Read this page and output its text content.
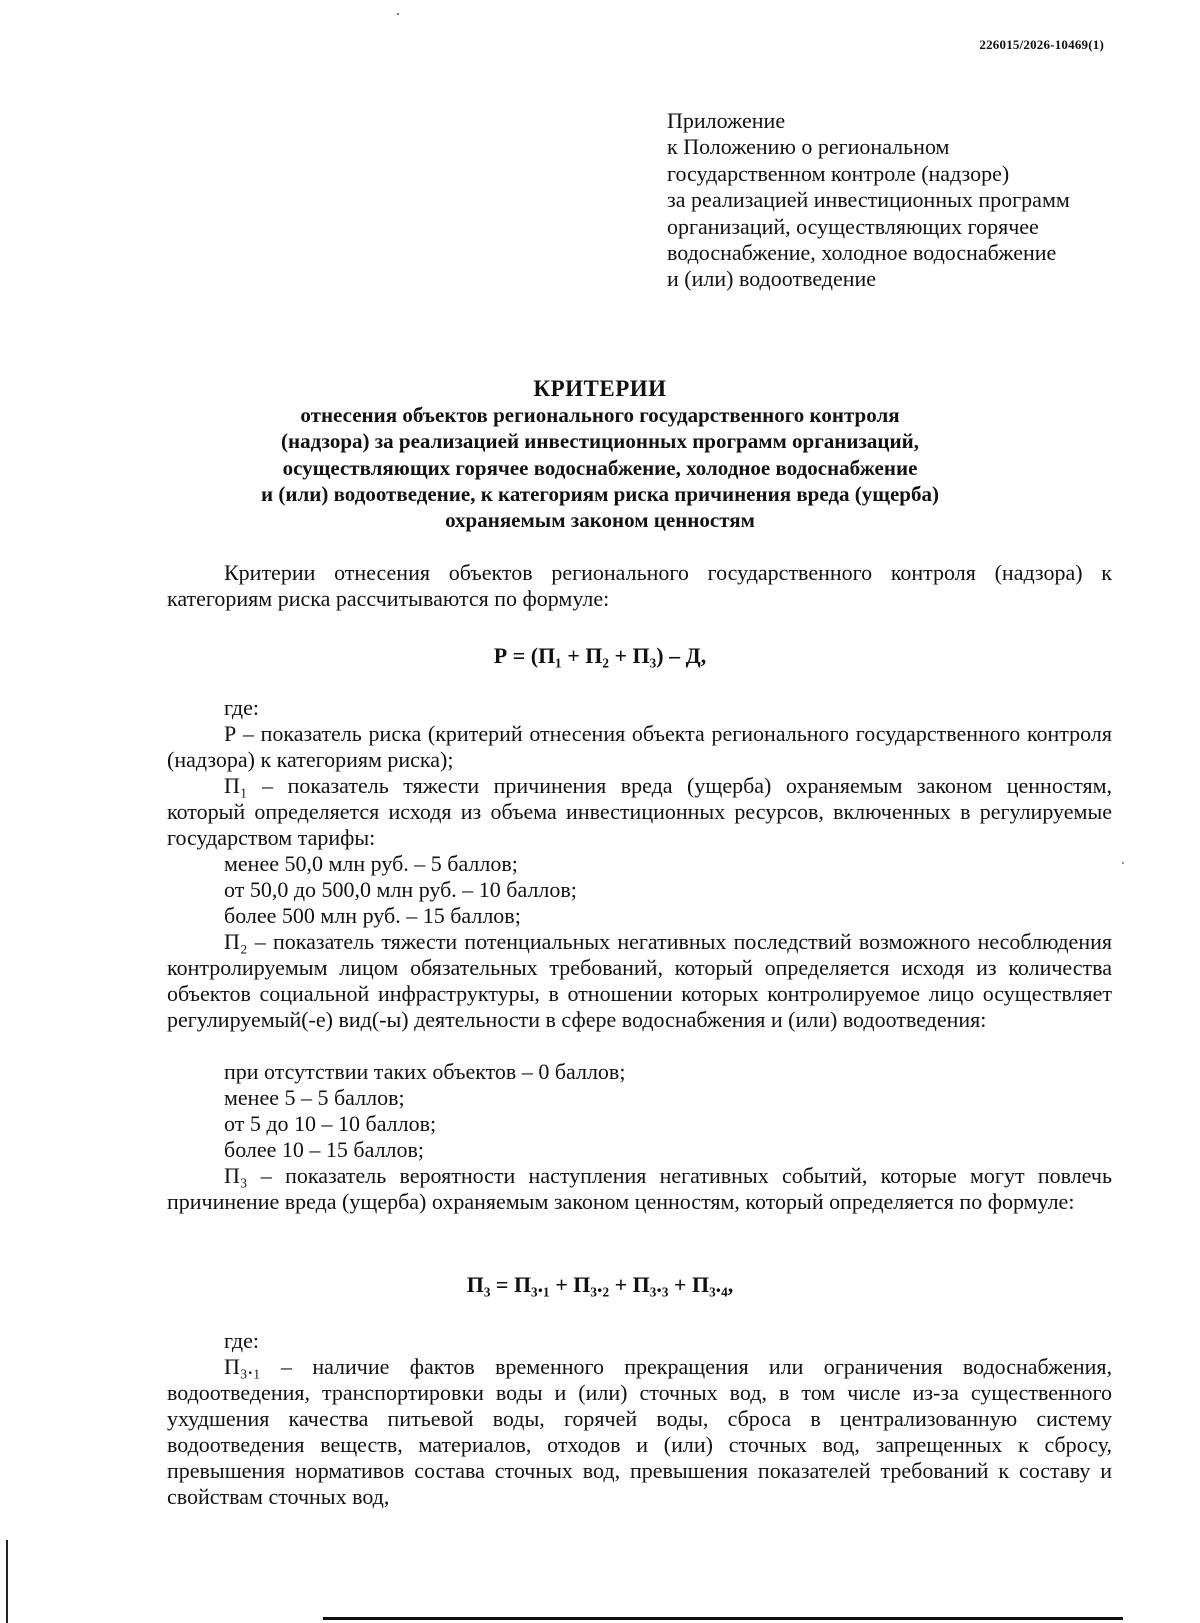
226015/2026-10469(1)
Приложение
к Положению о региональном
государственном контроле (надзоре)
за реализацией инвестиционных программ
организаций, осуществляющих горячее
водоснабжение, холодное водоснабжение
и (или) водоотведение
КРИТЕРИИ
отнесения объектов регионального государственного контроля
(надзора) за реализацией инвестиционных программ организаций,
осуществляющих горячее водоснабжение, холодное водоснабжение
и (или) водоотведение, к категориям риска причинения вреда (ущерба)
охраняемым законом ценностям
Критерии отнесения объектов регионального государственного контроля (надзора) к категориям риска рассчитываются по формуле:
Р = (П₁ + П₂ + П₃) – Д,
где:
Р – показатель риска (критерий отнесения объекта регионального государственного контроля (надзора) к категориям риска);
П₁ – показатель тяжести причинения вреда (ущерба) охраняемым законом ценностям, который определяется исходя из объема инвестиционных ресурсов, включенных в регулируемые государством тарифы:
менее 50,0 млн руб. – 5 баллов;
от 50,0 до 500,0 млн руб. – 10 баллов;
более 500 млн руб. – 15 баллов;
П₂ – показатель тяжести потенциальных негативных последствий возможного несоблюдения контролируемым лицом обязательных требований, который определяется исходя из количества объектов социальной инфраструктуры, в отношении которых контролируемое лицо осуществляет регулируемый(-е) вид(-ы) деятельности в сфере водоснабжения и (или) водоотведения:
при отсутствии таких объектов – 0 баллов;
менее 5 – 5 баллов;
от 5 до 10 – 10 баллов;
более 10 – 15 баллов;
П₃ – показатель вероятности наступления негативных событий, которые могут повлечь причинение вреда (ущерба) охраняемым законом ценностям, который определяется по формуле:
П₃ = П₃.₁ + П₃.₂ + П₃.₃ + П₃.₄,
где:
П₃.₁ – наличие фактов временного прекращения или ограничения водоснабжения, водоотведения, транспортировки воды и (или) сточных вод, в том числе из-за существенного ухудшения качества питьевой воды, горячей воды, сброса в централизованную систему водоотведения веществ, материалов, отходов и (или) сточных вод, запрещенных к сбросу, превышения нормативов состава сточных вод, превышения показателей требований к составу и свойствам сточных вод,
